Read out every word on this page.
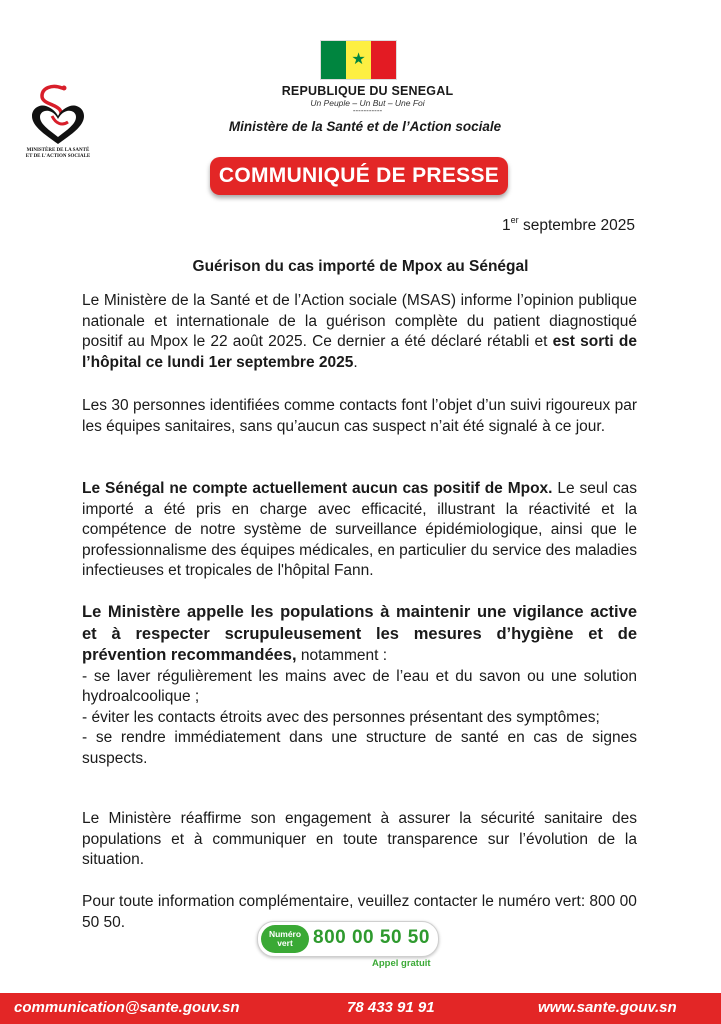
★
REPUBLIQUE DU SENEGAL
Un Peuple – Un But – Une Foi
-----------
Ministère de la Santé et de l’Action sociale
MINISTÈRE DE LA SANTÉ
ET DE L'ACTION SOCIALE
COMMUNIQUÉ DE PRESSE
1er septembre 2025
Guérison du cas importé de Mpox au Sénégal
Le Ministère de la Santé et de l’Action sociale (MSAS) informe l’opinion publique nationale et internationale de la guérison complète du patient diagnostiqué positif au Mpox le 22 août 2025. Ce dernier a été déclaré rétabli et est sorti de l’hôpital ce lundi 1er septembre 2025.
Les 30 personnes identifiées comme contacts font l’objet d’un suivi rigoureux par les équipes sanitaires, sans qu’aucun cas suspect n’ait été signalé à ce jour.
Le Sénégal ne compte actuellement aucun cas positif de Mpox. Le seul cas importé a été pris en charge avec efficacité, illustrant la réactivité et la compétence de notre système de surveillance épidémiologique, ainsi que le professionnalisme des équipes médicales, en particulier du service des maladies infectieuses et tropicales de l'hôpital Fann.
Le Ministère appelle les populations à maintenir une vigilance active et à respecter scrupuleusement les mesures d’hygiène et de prévention recommandées, notamment :
- se laver régulièrement les mains avec de l’eau et du savon ou une solution hydroalcoolique ;
- éviter les contacts étroits avec des personnes présentant des symptômes;
- se rendre immédiatement dans une structure de santé en cas de signes suspects.
Le Ministère réaffirme son engagement à assurer la sécurité sanitaire des populations et à communiquer en toute transparence sur l’évolution de la situation.
Pour toute information complémentaire, veuillez contacter le numéro vert: 800 00 50 50.
Numéro
vert	800 00 50 50
Appel gratuit
communication@sante.gouv.sn	78 433 91 91	www.sante.gouv.sn
